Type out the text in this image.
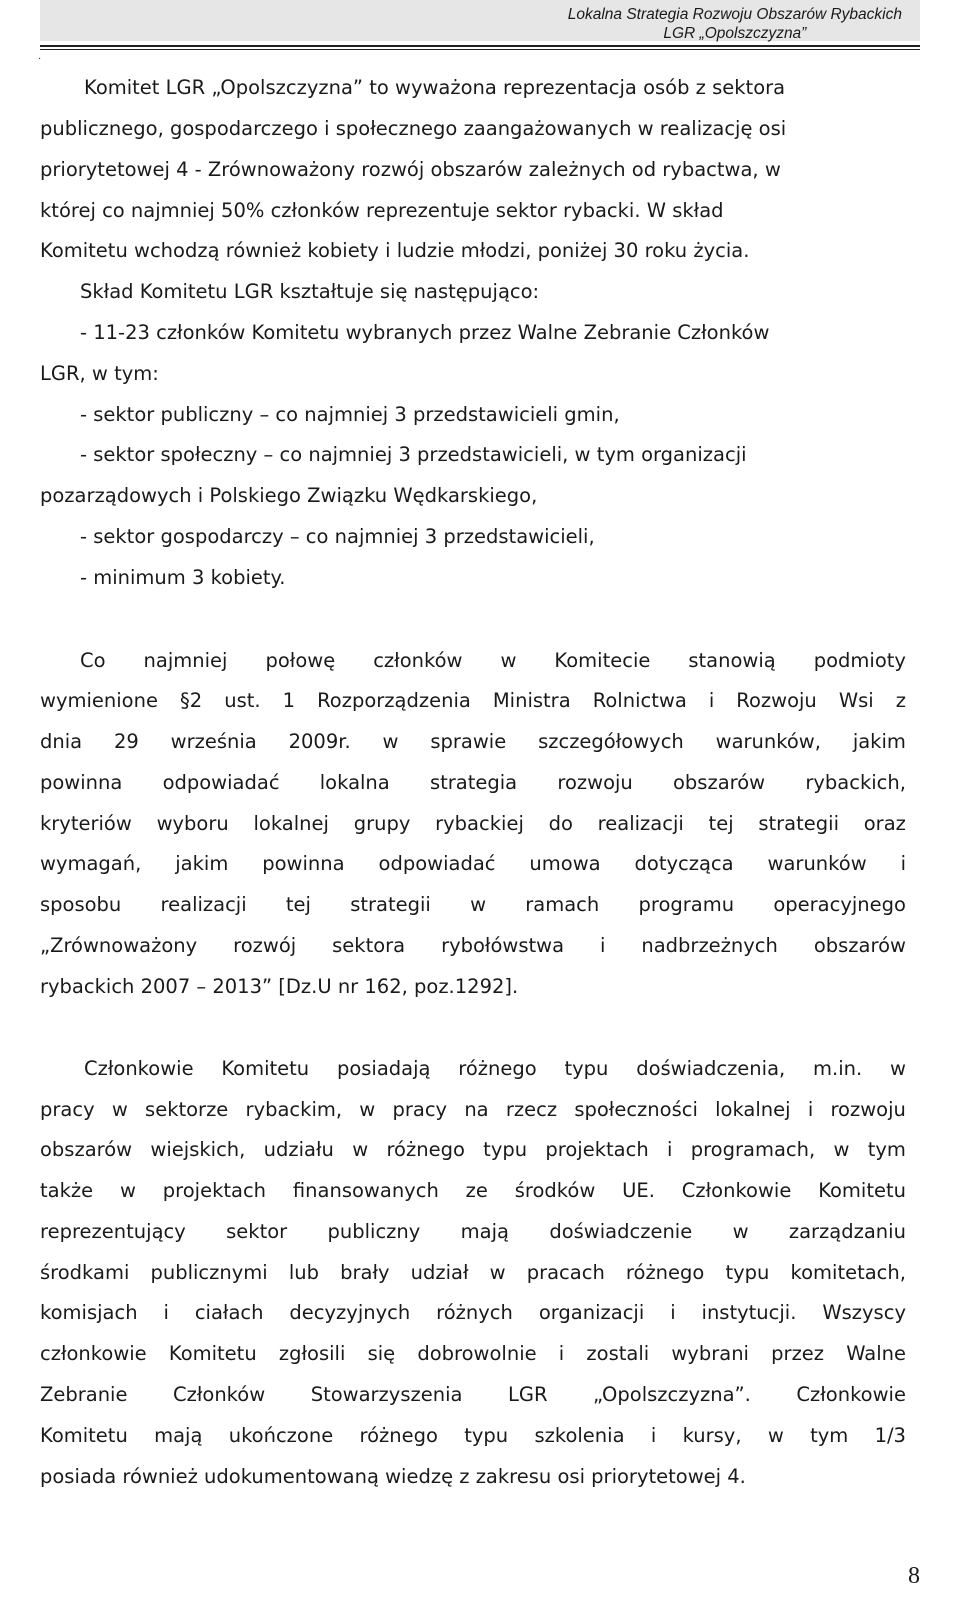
Lokalna Strategia Rozwoju Obszarów Rybackich
LGR „Opolszczyzna”
.

Komitet LGR „Opolszczyzna” to wyważona reprezentacja osób z sektora

publicznego, gospodarczego i społecznego zaangażowanych w realizację osi

priorytetowej 4 - Zrównoważony rozwój obszarów zależnych od rybactwa, w

której co najmniej 50% członków reprezentuje sektor rybacki. W skład

Komitetu wchodzą również kobiety i ludzie młodzi, poniżej 30 roku życia.

Skład Komitetu LGR kształtuje się następująco:

- 11-23 członków Komitetu wybranych przez Walne Zebranie Członków

LGR, w tym:

- sektor publiczny – co najmniej 3 przedstawicieli gmin,

- sektor społeczny – co najmniej 3 przedstawicieli, w tym organizacji

pozarządowych i Polskiego Związku Wędkarskiego,

- sektor gospodarczy – co najmniej 3 przedstawicieli,

- minimum 3 kobiety.

Co najmniej połowę członków w Komitecie stanowią podmioty

wymienione §2 ust. 1 Rozporządzenia Ministra Rolnictwa i Rozwoju Wsi z

dnia 29 września 2009r. w sprawie szczegółowych warunków, jakim

powinna odpowiadać lokalna strategia rozwoju obszarów rybackich,

kryteriów wyboru lokalnej grupy rybackiej do realizacji tej strategii oraz

wymagań, jakim powinna odpowiadać umowa dotycząca warunków i

sposobu realizacji tej strategii w ramach programu operacyjnego

„Zrównoważony rozwój sektora rybołówstwa i nadbrzeżnych obszarów

rybackich 2007 – 2013” [Dz.U nr 162, poz.1292].

Członkowie Komitetu posiadają różnego typu doświadczenia, m.in. w

pracy w sektorze rybackim, w pracy na rzecz społeczności lokalnej i rozwoju

obszarów wiejskich, udziału w różnego typu projektach i programach, w tym

także w projektach finansowanych ze środków UE. Członkowie Komitetu

reprezentujący sektor publiczny mają doświadczenie w zarządzaniu

środkami publicznymi lub brały udział w pracach różnego typu komitetach,

komisjach i ciałach decyzyjnych różnych organizacji i instytucji. Wszyscy

członkowie Komitetu zgłosili się dobrowolnie i zostali wybrani przez Walne

Zebranie Członków Stowarzyszenia LGR „Opolszczyzna”. Członkowie

Komitetu mają ukończone różnego typu szkolenia i kursy, w tym 1/3

posiada również udokumentowaną wiedzę z zakresu osi priorytetowej 4.

8
